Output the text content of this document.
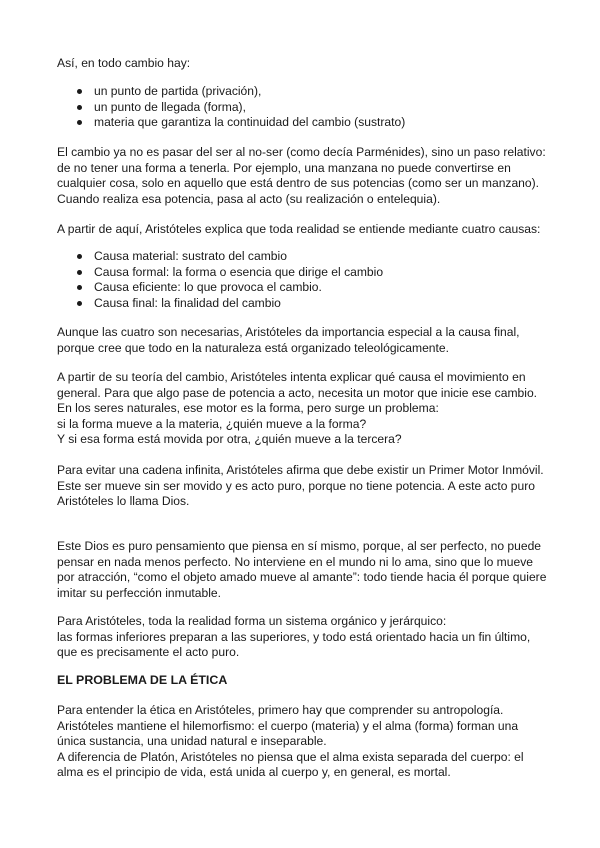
Así, en todo cambio hay:

un punto de partida (privación),
un punto de llegada (forma),
materia que garantiza la continuidad del cambio (sustrato)

El cambio ya no es pasar del ser al no-ser (como decía Parménides), sino un paso relativo: de no tener una forma a tenerla. Por ejemplo, una manzana no puede convertirse en cualquier cosa, solo en aquello que está dentro de sus potencias (como ser un manzano). Cuando realiza esa potencia, pasa al acto (su realización o entelequia).

A partir de aquí, Aristóteles explica que toda realidad se entiende mediante cuatro causas:

Causa material: sustrato del cambio
Causa formal: la forma o esencia que dirige el cambio
Causa eficiente: lo que provoca el cambio.
Causa final: la finalidad del cambio

Aunque las cuatro son necesarias, Aristóteles da importancia especial a la causa final, porque cree que todo en la naturaleza está organizado teleológicamente.

A partir de su teoría del cambio, Aristóteles intenta explicar qué causa el movimiento en general. Para que algo pase de potencia a acto, necesita un motor que inicie ese cambio. En los seres naturales, ese motor es la forma, pero surge un problema:

si la forma mueve a la materia, ¿quién mueve a la forma?

Y si esa forma está movida por otra, ¿quién mueve a la tercera?

Para evitar una cadena infinita, Aristóteles afirma que debe existir un Primer Motor Inmóvil.

Este ser mueve sin ser movido y es acto puro, porque no tiene potencia. A este acto puro Aristóteles lo llama Dios.

Este Dios es puro pensamiento que piensa en sí mismo, porque, al ser perfecto, no puede pensar en nada menos perfecto. No interviene en el mundo ni lo ama, sino que lo mueve por atracción, “como el objeto amado mueve al amante”: todo tiende hacia él porque quiere imitar su perfección inmutable.

Para Aristóteles, toda la realidad forma un sistema orgánico y jerárquico:

las formas inferiores preparan a las superiores, y todo está orientado hacia un fin último, que es precisamente el acto puro.

EL PROBLEMA DE LA ÉTICA

Para entender la ética en Aristóteles, primero hay que comprender su antropología.

Aristóteles mantiene el hilemorfismo: el cuerpo (materia) y el alma (forma) forman una única sustancia, una unidad natural e inseparable.

A diferencia de Platón, Aristóteles no piensa que el alma exista separada del cuerpo: el alma es el principio de vida, está unida al cuerpo y, en general, es mortal.
